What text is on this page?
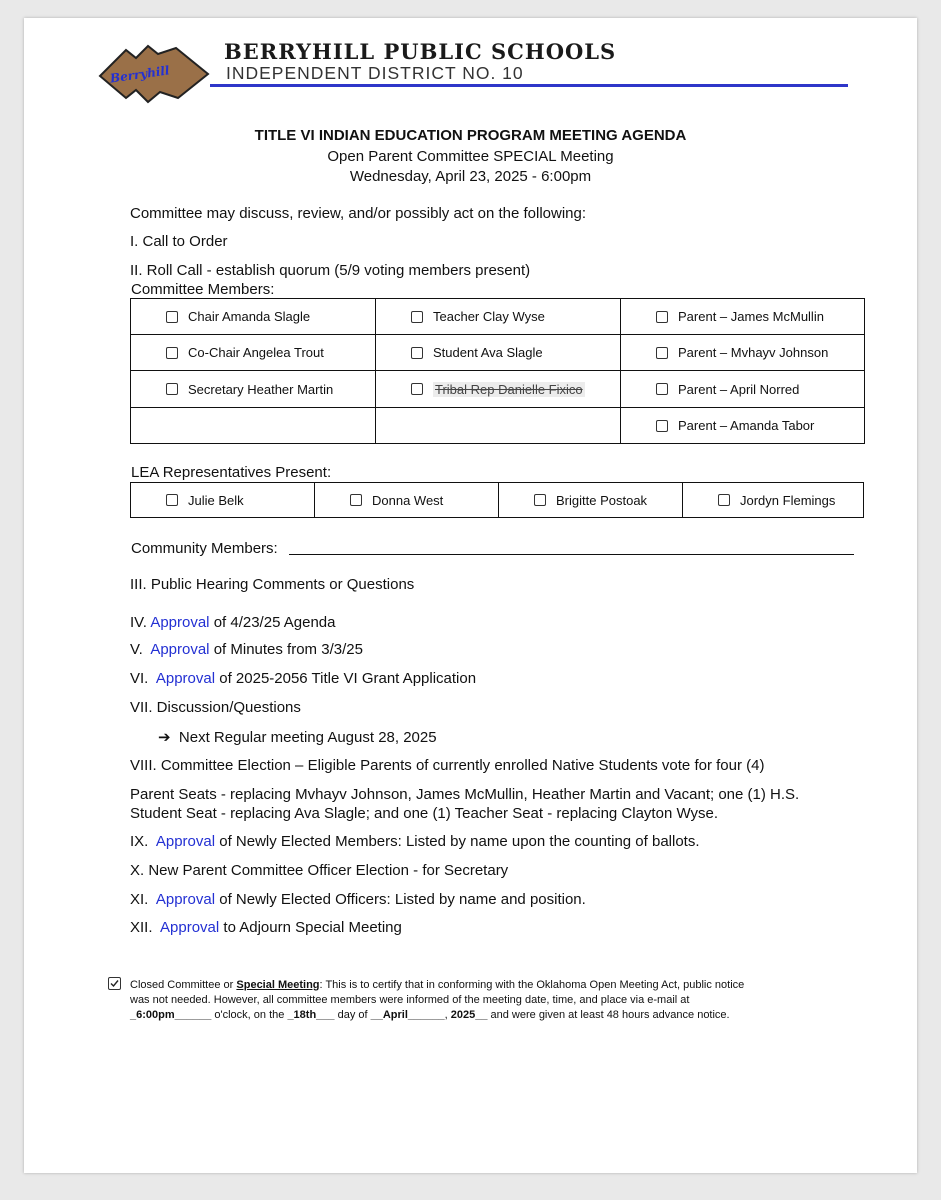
Berryhill
BERRYHILL PUBLIC SCHOOLS
INDEPENDENT DISTRICT NO. 10
TITLE VI INDIAN EDUCATION PROGRAM MEETING AGENDA
Open Parent Committee SPECIAL Meeting
Wednesday, April 23, 2025 - 6:00pm
Committee may discuss, review, and/or possibly act on the following:
I. Call to Order
II. Roll Call - establish quorum (5/9 voting members present)
Committee Members:
Chair Amanda Slagle	Teacher Clay Wyse	Parent – James McMullin

Co-Chair Angelea Trout	Student Ava Slagle	Parent – Mvhayv Johnson

Secretary Heather Martin	Tribal Rep Danielle Fixico	Parent – April Norred

		Parent – Amanda Tabor
LEA Representatives Present:
Julie Belk	Donna West	Brigitte Postoak	Jordyn Flemings
Community Members:
III. Public Hearing Comments or Questions
IV. Approval of 4/23/25 Agenda
V. Approval of Minutes from 3/3/25
VI. Approval of 2025-2056 Title VI Grant Application
VII. Discussion/Questions
➔ Next Regular meeting August 28, 2025
VIII. Committee Election – Eligible Parents of currently enrolled Native Students vote for four (4)
Parent Seats - replacing Mvhayv Johnson, James McMullin, Heather Martin and Vacant; one (1) H.S.
Student Seat - replacing Ava Slagle; and one (1) Teacher Seat - replacing Clayton Wyse.
IX. Approval of Newly Elected Members: Listed by name upon the counting of ballots.
X. New Parent Committee Officer Election - for Secretary
XI. Approval of Newly Elected Officers: Listed by name and position.
XII. Approval to Adjourn Special Meeting
Closed Committee or Special Meeting: This is to certify that in conforming with the Oklahoma Open Meeting Act, public notice
was not needed. However, all committee members were informed of the meeting date, time, and place via e-mail at
_6:00pm______ o'clock, on the _18th___ day of __April______, 2025__ and were given at least 48 hours advance notice.
